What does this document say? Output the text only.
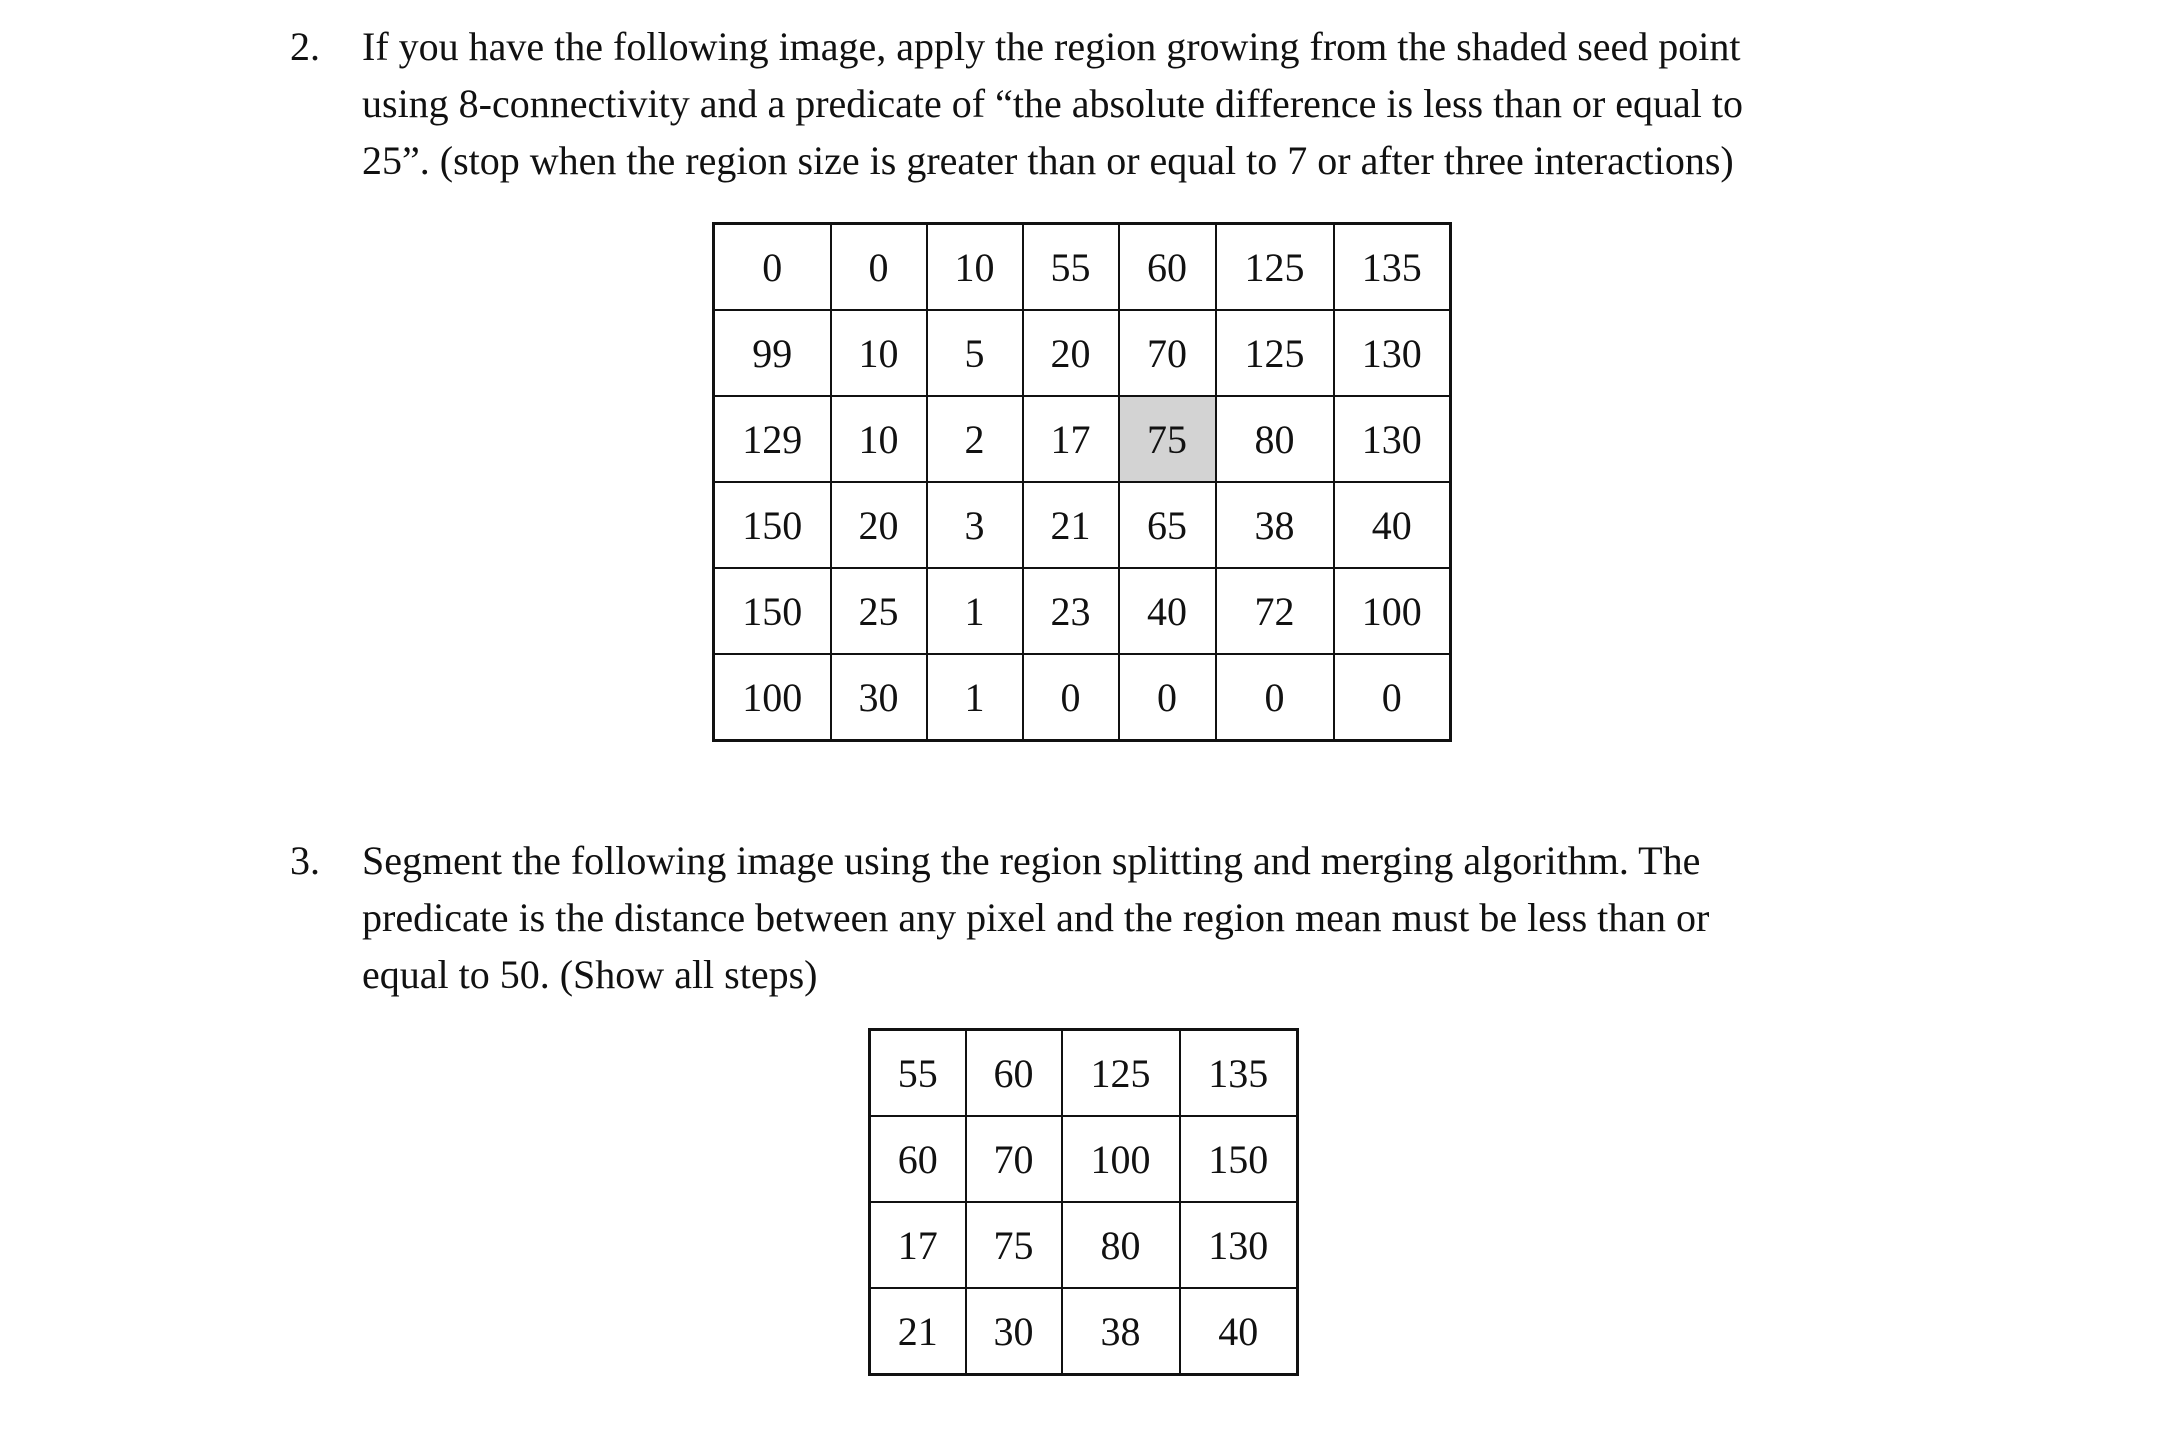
2. If you have the following image, apply the region growing from the shaded seed point
using 8-connectivity and a predicate of “the absolute difference is less than or equal to
25”. (stop when the region size is greater than or equal to 7 or after three interactions)
0	0	10	55	60	125	135
99	10	5	20	70	125	130
129	10	2	17	75	80	130
150	20	3	21	65	38	40
150	25	1	23	40	72	100
100	30	1	0	0	0	0
3. Segment the following image using the region splitting and merging algorithm. The
predicate is the distance between any pixel and the region mean must be less than or
equal to 50. (Show all steps)
55	60	125	135
60	70	100	150
17	75	80	130
21	30	38	40
